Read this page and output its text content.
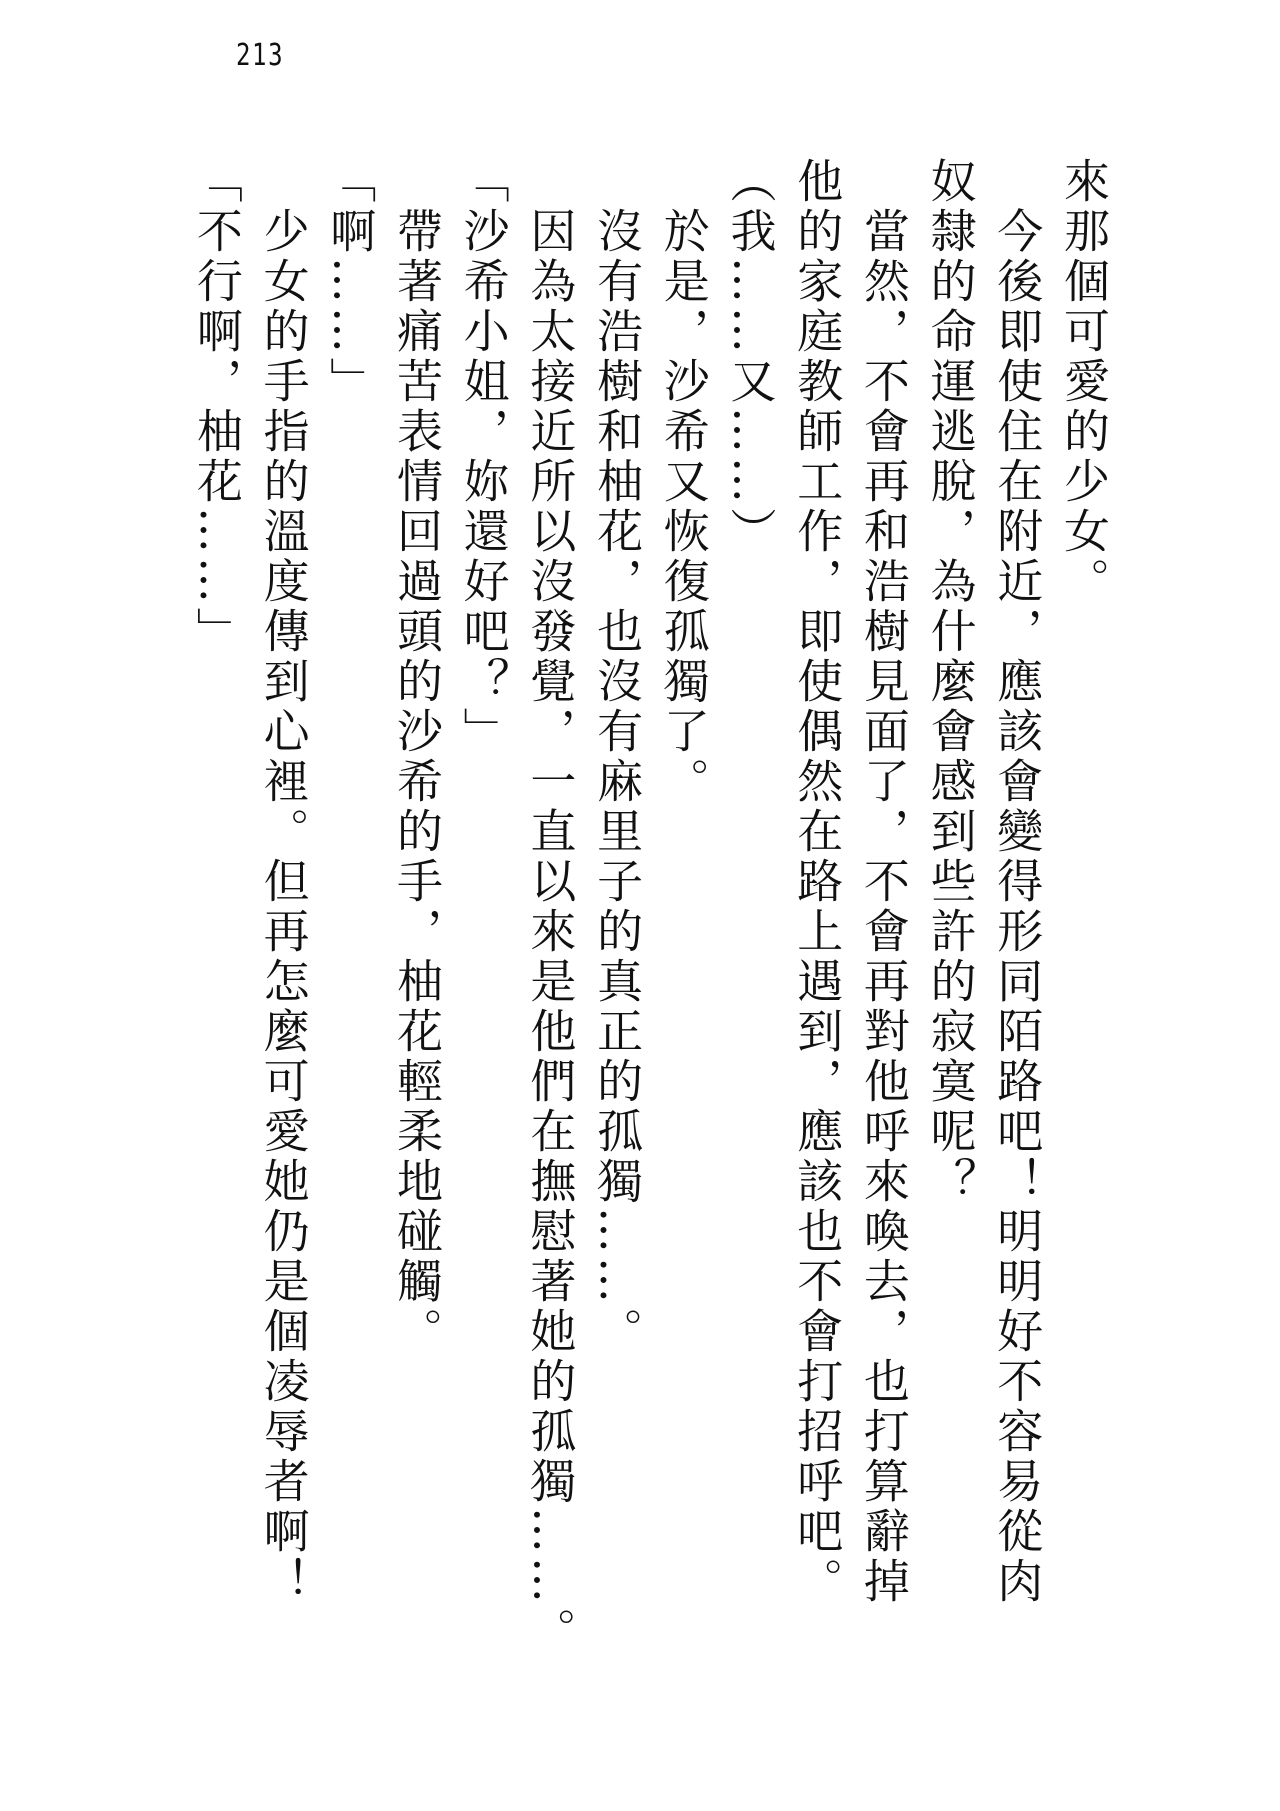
213
來那個可愛的少女。
今後即使住在附近，應該會變得形同陌路吧！明明好不容易從肉
奴隸的命運逃脫，為什麼會感到些許的寂寞呢？
當然，不會再和浩樹見面了，不會再對他呼來喚去，也打算辭掉
他的家庭教師工作，即使偶然在路上遇到，應該也不會打招呼吧。
（我……又……）
於是，沙希又恢復孤獨了。
沒有浩樹和柚花，也沒有麻里子的真正的孤獨……。
因為太接近所以沒發覺，一直以來是他們在撫慰著她的孤獨……。
「沙希小姐，妳還好吧？」
帶著痛苦表情回過頭的沙希的手，柚花輕柔地碰觸。
「啊……」
少女的手指的溫度傳到心裡。但再怎麼可愛她仍是個凌辱者啊！
「不行啊，柚花……」
